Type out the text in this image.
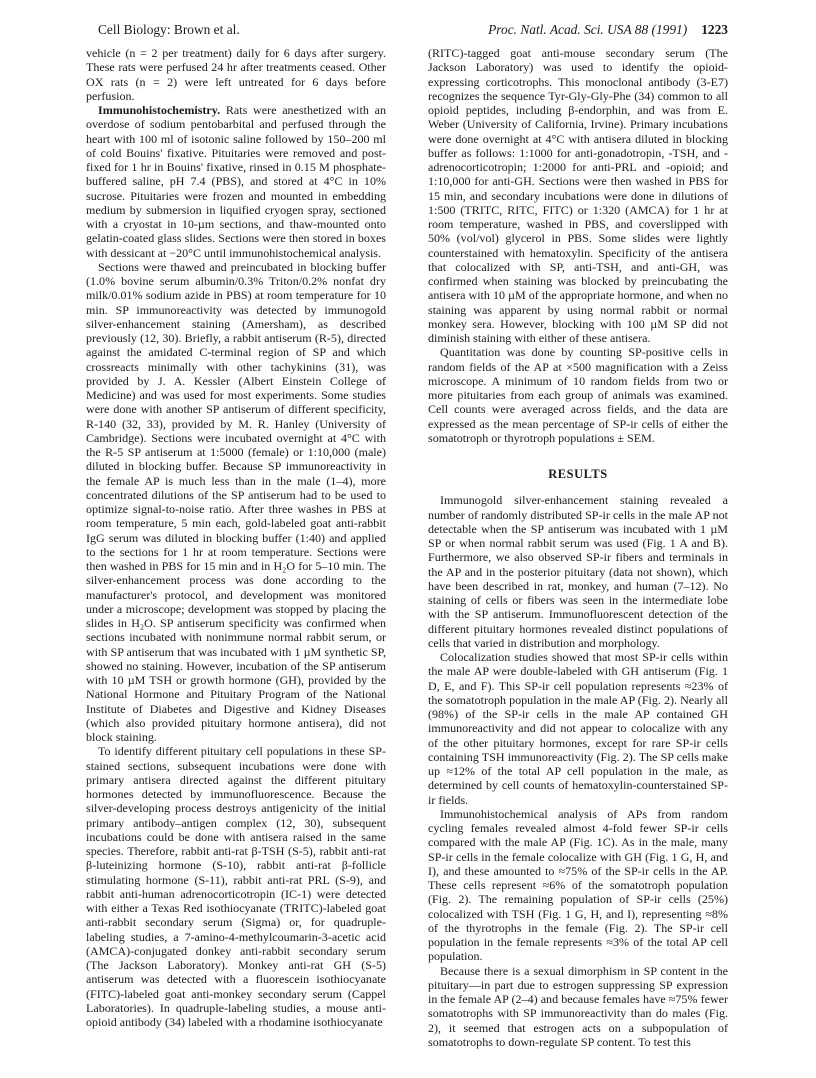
Cell Biology: Brown et al.	Proc. Natl. Acad. Sci. USA 88 (1991) 1223

vehicle (n = 2 per treatment) daily for 6 days after surgery. These rats were perfused 24 hr after treatments ceased. Other OX rats (n = 2) were left untreated for 6 days before perfusion.

Immunohistochemistry. Rats were anesthetized with an overdose of sodium pentobarbital and perfused through the heart with 100 ml of isotonic saline followed by 150–200 ml of cold Bouins' fixative. Pituitaries were removed and post-fixed for 1 hr in Bouins' fixative, rinsed in 0.15 M phosphate-buffered saline, pH 7.4 (PBS), and stored at 4°C in 10% sucrose. Pituitaries were frozen and mounted in embedding medium by submersion in liquified cryogen spray, sectioned with a cryostat in 10-µm sections, and thaw-mounted onto gelatin-coated glass slides. Sections were then stored in boxes with dessicant at −20°C until immunohistochemical analysis.

Sections were thawed and preincubated in blocking buffer (1.0% bovine serum albumin/0.3% Triton/0.2% nonfat dry milk/0.01% sodium azide in PBS) at room temperature for 10 min. SP immunoreactivity was detected by immunogold silver-enhancement staining (Amersham), as described previously (12, 30). Briefly, a rabbit antiserum (R-5), directed against the amidated C-terminal region of SP and which crossreacts minimally with other tachykinins (31), was provided by J. A. Kessler (Albert Einstein College of Medicine) and was used for most experiments. Some studies were done with another SP antiserum of different specificity, R-140 (32, 33), provided by M. R. Hanley (University of Cambridge). Sections were incubated overnight at 4°C with the R-5 SP antiserum at 1:5000 (female) or 1:10,000 (male) diluted in blocking buffer. Because SP immunoreactivity in the female AP is much less than in the male (1–4), more concentrated dilutions of the SP antiserum had to be used to optimize signal-to-noise ratio. After three washes in PBS at room temperature, 5 min each, gold-labeled goat anti-rabbit IgG serum was diluted in blocking buffer (1:40) and applied to the sections for 1 hr at room temperature. Sections were then washed in PBS for 15 min and in H₂O for 5–10 min. The silver-enhancement process was done according to the manufacturer's protocol, and development was monitored under a microscope; development was stopped by placing the slides in H₂O. SP antiserum specificity was confirmed when sections incubated with nonimmune normal rabbit serum, or with SP antiserum that was incubated with 1 µM synthetic SP, showed no staining. However, incubation of the SP antiserum with 10 µM TSH or growth hormone (GH), provided by the National Hormone and Pituitary Program of the National Institute of Diabetes and Digestive and Kidney Diseases (which also provided pituitary hormone antisera), did not block staining.

To identify different pituitary cell populations in these SP-stained sections, subsequent incubations were done with primary antisera directed against the different pituitary hormones detected by immunofluorescence. Because the silver-developing process destroys antigenicity of the initial primary antibody–antigen complex (12, 30), subsequent incubations could be done with antisera raised in the same species. Therefore, rabbit anti-rat β-TSH (S-5), rabbit anti-rat β-luteinizing hormone (S-10), rabbit anti-rat β-follicle stimulating hormone (S-11), rabbit anti-rat PRL (S-9), and rabbit anti-human adrenocorticotropin (IC-1) were detected with either a Texas Red isothiocyanate (TRITC)-labeled goat anti-rabbit secondary serum (Sigma) or, for quadruple-labeling studies, a 7-amino-4-methylcoumarin-3-acetic acid (AMCA)-conjugated donkey anti-rabbit secondary serum (The Jackson Laboratory). Monkey anti-rat GH (S-5) antiserum was detected with a fluorescein isothiocyanate (FITC)-labeled goat anti-monkey secondary serum (Cappel Laboratories). In quadruple-labeling studies, a mouse anti-opioid antibody (34) labeled with a rhodamine isothiocyanate

(RITC)-tagged goat anti-mouse secondary serum (The Jackson Laboratory) was used to identify the opioid-expressing corticotrophs. This monoclonal antibody (3-E7) recognizes the sequence Tyr-Gly-Gly-Phe (34) common to all opioid peptides, including β-endorphin, and was from E. Weber (University of California, Irvine). Primary incubations were done overnight at 4°C with antisera diluted in blocking buffer as follows: 1:1000 for anti-gonadotropin, -TSH, and -adrenocorticotropin; 1:2000 for anti-PRL and -opioid; and 1:10,000 for anti-GH. Sections were then washed in PBS for 15 min, and secondary incubations were done in dilutions of 1:500 (TRITC, RITC, FITC) or 1:320 (AMCA) for 1 hr at room temperature, washed in PBS, and coverslipped with 50% (vol/vol) glycerol in PBS. Some slides were lightly counterstained with hematoxylin. Specificity of the antisera that colocalized with SP, anti-TSH, and anti-GH, was confirmed when staining was blocked by preincubating the antisera with 10 µM of the appropriate hormone, and when no staining was apparent by using normal rabbit or normal monkey sera. However, blocking with 100 µM SP did not diminish staining with either of these antisera.

Quantitation was done by counting SP-positive cells in random fields of the AP at ×500 magnification with a Zeiss microscope. A minimum of 10 random fields from two or more pituitaries from each group of animals was examined. Cell counts were averaged across fields, and the data are expressed as the mean percentage of SP-ir cells of either the somatotroph or thyrotroph populations ± SEM.

RESULTS

Immunogold silver-enhancement staining revealed a number of randomly distributed SP-ir cells in the male AP not detectable when the SP antiserum was incubated with 1 µM SP or when normal rabbit serum was used (Fig. 1 A and B). Furthermore, we also observed SP-ir fibers and terminals in the AP and in the posterior pituitary (data not shown), which have been described in rat, monkey, and human (7–12). No staining of cells or fibers was seen in the intermediate lobe with the SP antiserum. Immunofluorescent detection of the different pituitary hormones revealed distinct populations of cells that varied in distribution and morphology.

Colocalization studies showed that most SP-ir cells within the male AP were double-labeled with GH antiserum (Fig. 1 D, E, and F). This SP-ir cell population represents ≈23% of the somatotroph population in the male AP (Fig. 2). Nearly all (98%) of the SP-ir cells in the male AP contained GH immunoreactivity and did not appear to colocalize with any of the other pituitary hormones, except for rare SP-ir cells containing TSH immunoreactivity (Fig. 2). The SP cells make up ≈12% of the total AP cell population in the male, as determined by cell counts of hematoxylin-counterstained SP-ir fields.

Immunohistochemical analysis of APs from random cycling females revealed almost 4-fold fewer SP-ir cells compared with the male AP (Fig. 1C). As in the male, many SP-ir cells in the female colocalize with GH (Fig. 1 G, H, and I), and these amounted to ≈75% of the SP-ir cells in the AP. These cells represent ≈6% of the somatotroph population (Fig. 2). The remaining population of SP-ir cells (25%) colocalized with TSH (Fig. 1 G, H, and I), representing ≈8% of the thyrotrophs in the female (Fig. 2). The SP-ir cell population in the female represents ≈3% of the total AP cell population.

Because there is a sexual dimorphism in SP content in the pituitary—in part due to estrogen suppressing SP expression in the female AP (2–4) and because females have ≈75% fewer somatotrophs with SP immunoreactivity than do males (Fig. 2), it seemed that estrogen acts on a subpopulation of somatotrophs to down-regulate SP content. To test this
